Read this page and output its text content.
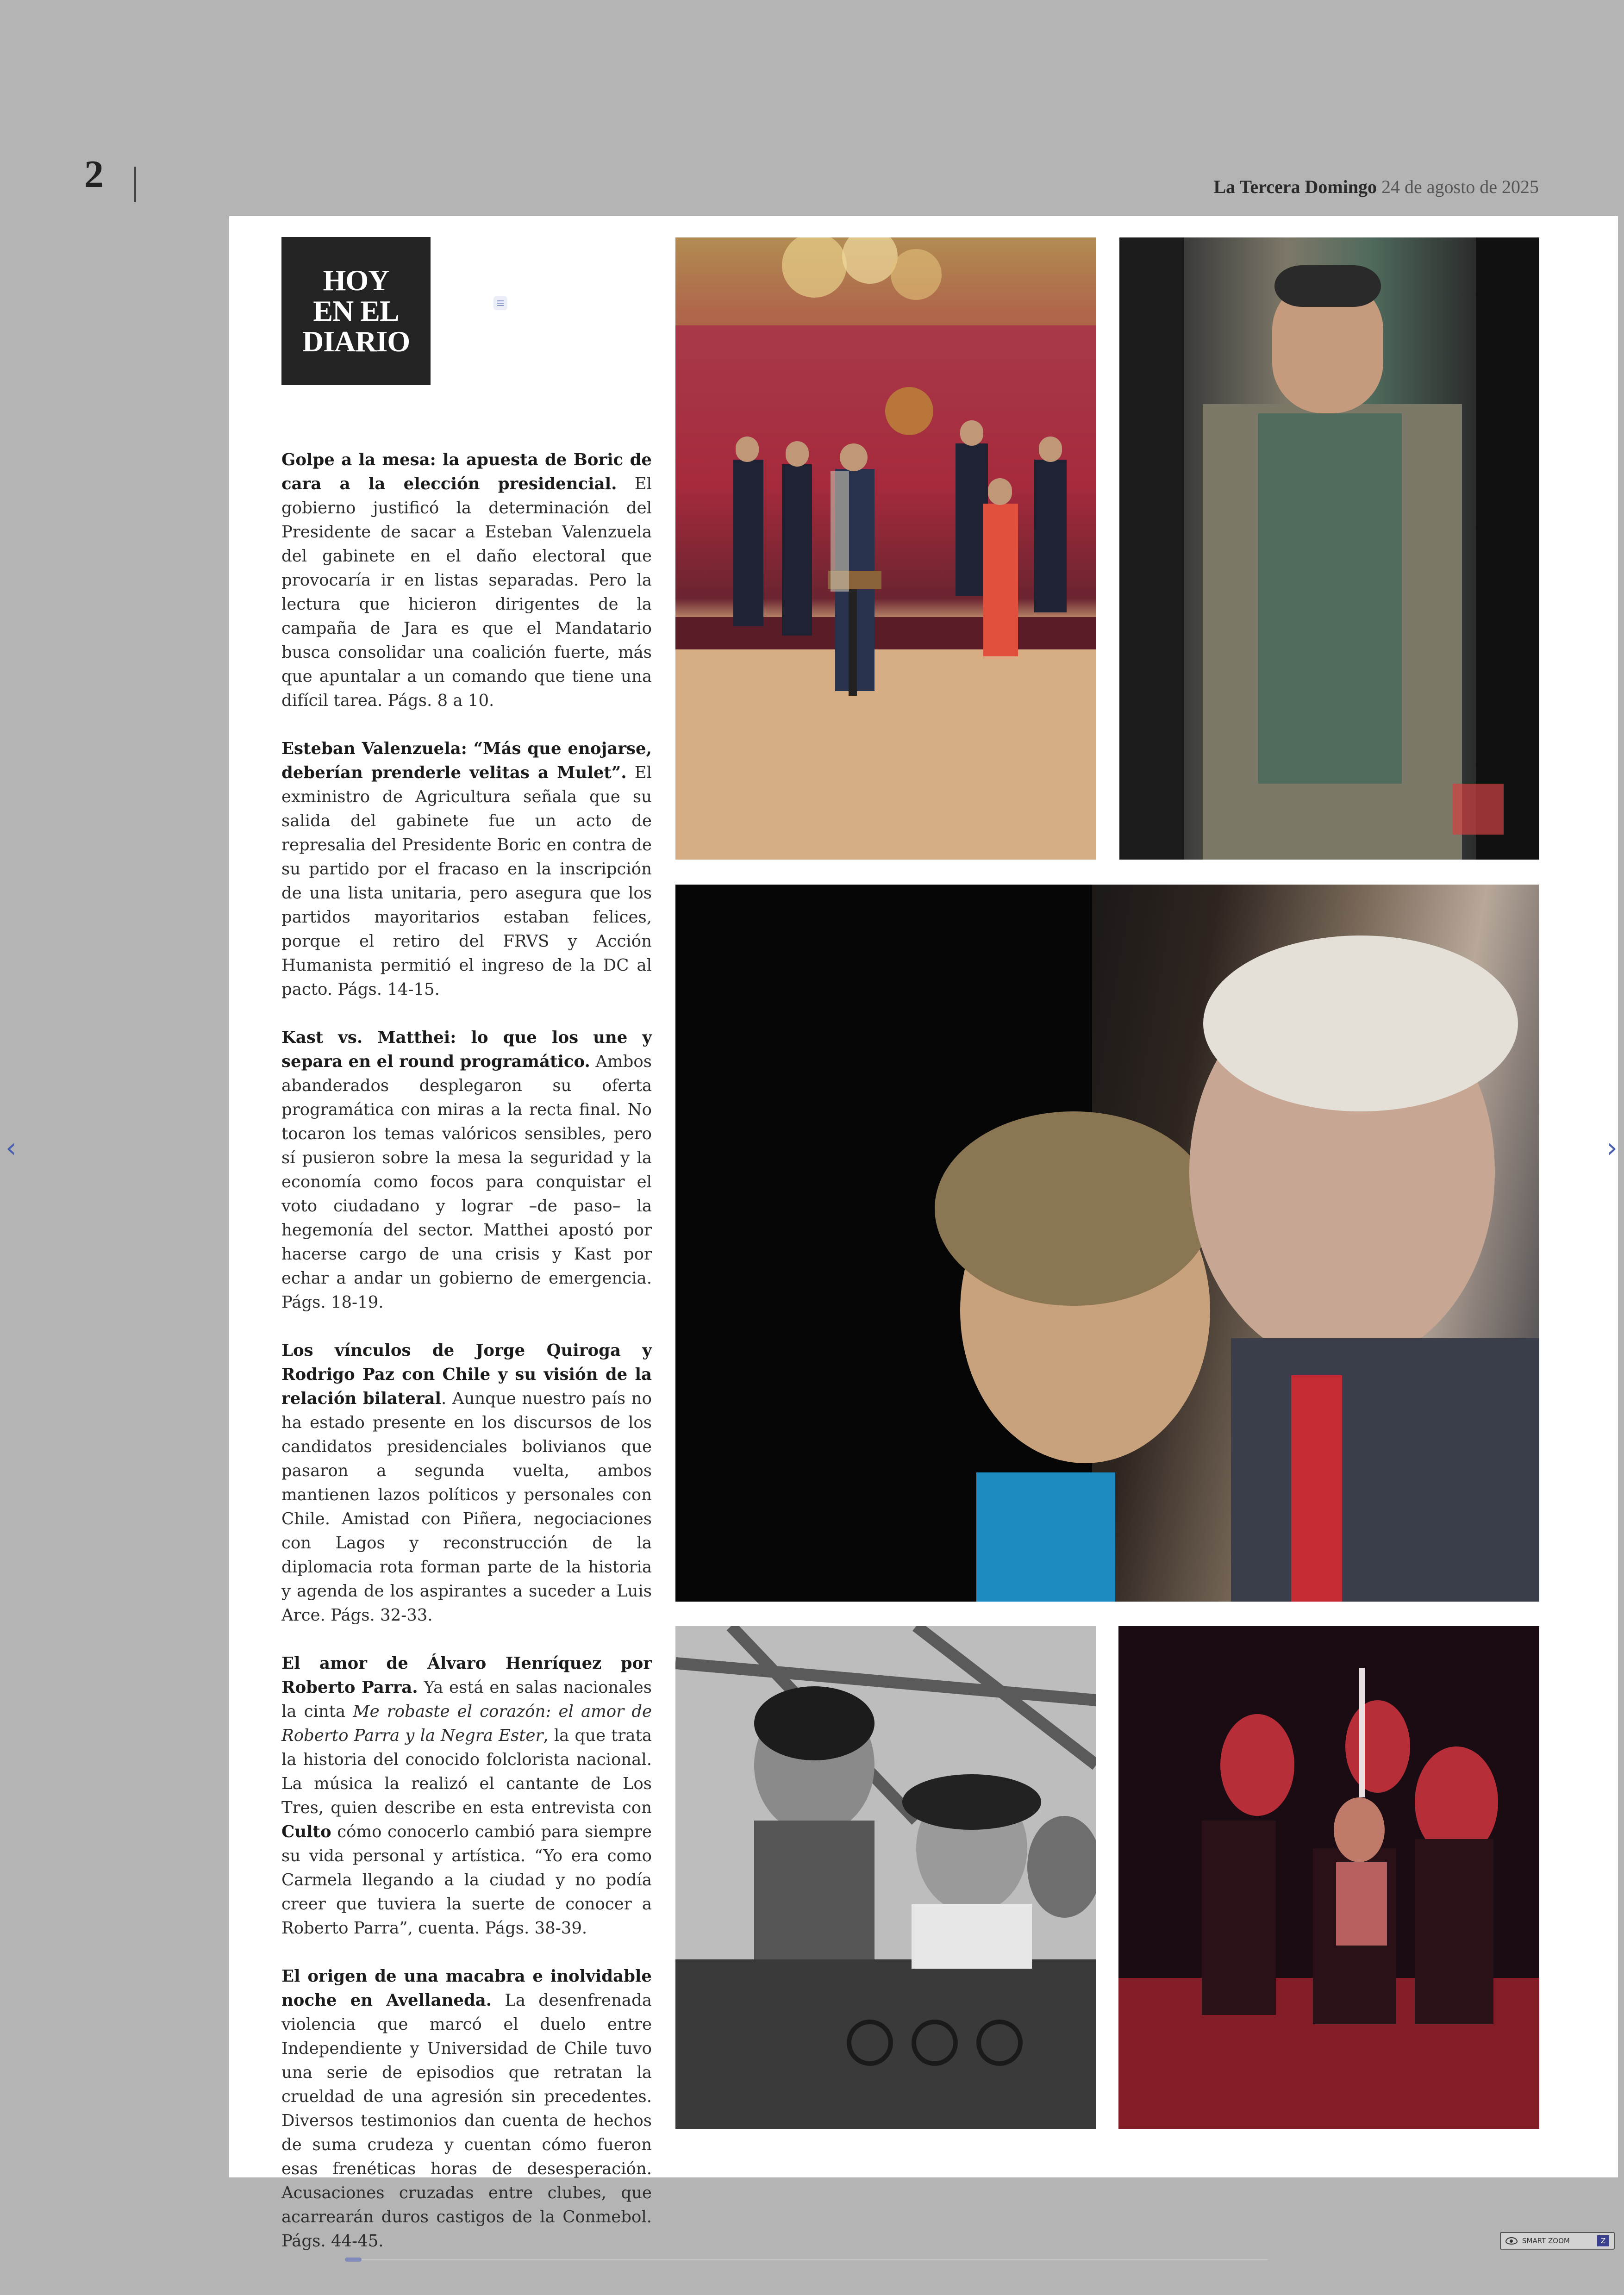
2	La Tercera Domingo 24 de agosto de 2025
HOY
EN EL
DIARIO

Golpe a la mesa: la apuesta de Boric de cara a la elección presidencial. El gobierno justificó la determinación del Presidente de sacar a Esteban Valenzuela del gabinete en el daño electoral que provocaría ir en listas separadas. Pero la lectura que hicieron dirigentes de la campaña de Jara es que el Mandatario busca consolidar una coalición fuerte, más que apuntalar a un comando que tiene una difícil tarea. Págs. 8 a 10.

Esteban Valenzuela: “Más que enojarse, deberían prenderle velitas a Mulet”. El exministro de Agricultura señala que su salida del gabinete fue un acto de represalia del Presidente Boric en contra de su partido por el fracaso en la inscripción de una lista unitaria, pero asegura que los partidos mayoritarios estaban felices, porque el retiro del FRVS y Acción Humanista permitió el ingreso de la DC al pacto. Págs. 14-15.

Kast vs. Matthei: lo que los une y separa en el round programático. Ambos abanderados desplegaron su oferta programática con miras a la recta final. No tocaron los temas valóricos sensibles, pero sí pusieron sobre la mesa la seguridad y la economía como focos para conquistar el voto ciudadano y lograr –de paso– la hegemonía del sector. Matthei apostó por hacerse cargo de una crisis y Kast por echar a andar un gobierno de emergencia. Págs. 18-19.

Los vínculos de Jorge Quiroga y Rodrigo Paz con Chile y su visión de la relación bilateral. Aunque nuestro país no ha estado presente en los discursos de los candidatos presidenciales bolivianos que pasaron a segunda vuelta, ambos mantienen lazos políticos y personales con Chile. Amistad con Piñera, negociaciones con Lagos y reconstrucción de la diplomacia rota forman parte de la historia y agenda de los aspirantes a suceder a Luis Arce. Págs. 32-33.

El amor de Álvaro Henríquez por Roberto Parra. Ya está en salas nacionales la cinta Me robaste el corazón: el amor de Roberto Parra y la Negra Ester, la que trata la historia del conocido folclorista nacional. La música la realizó el cantante de Los Tres, quien describe en esta entrevista con Culto cómo conocerlo cambió para siempre su vida personal y artística. “Yo era como Carmela llegando a la ciudad y no podía creer que tuviera la suerte de conocer a Roberto Parra”, cuenta. Págs. 38-39.

El origen de una macabra e inolvidable noche en Avellaneda. La desenfrenada violencia que marcó el duelo entre Independiente y Universidad de Chile tuvo una serie de episodios que retratan la crueldad de una agresión sin precedentes. Diversos testimonios dan cuenta de hechos de suma crudeza y cuentan cómo fueron esas frenéticas horas de desesperación. Acusaciones cruzadas entre clubes, que acarrearán duros castigos de la Conmebol. Págs. 44-45.

‹	›
SMART ZOOM	Z
